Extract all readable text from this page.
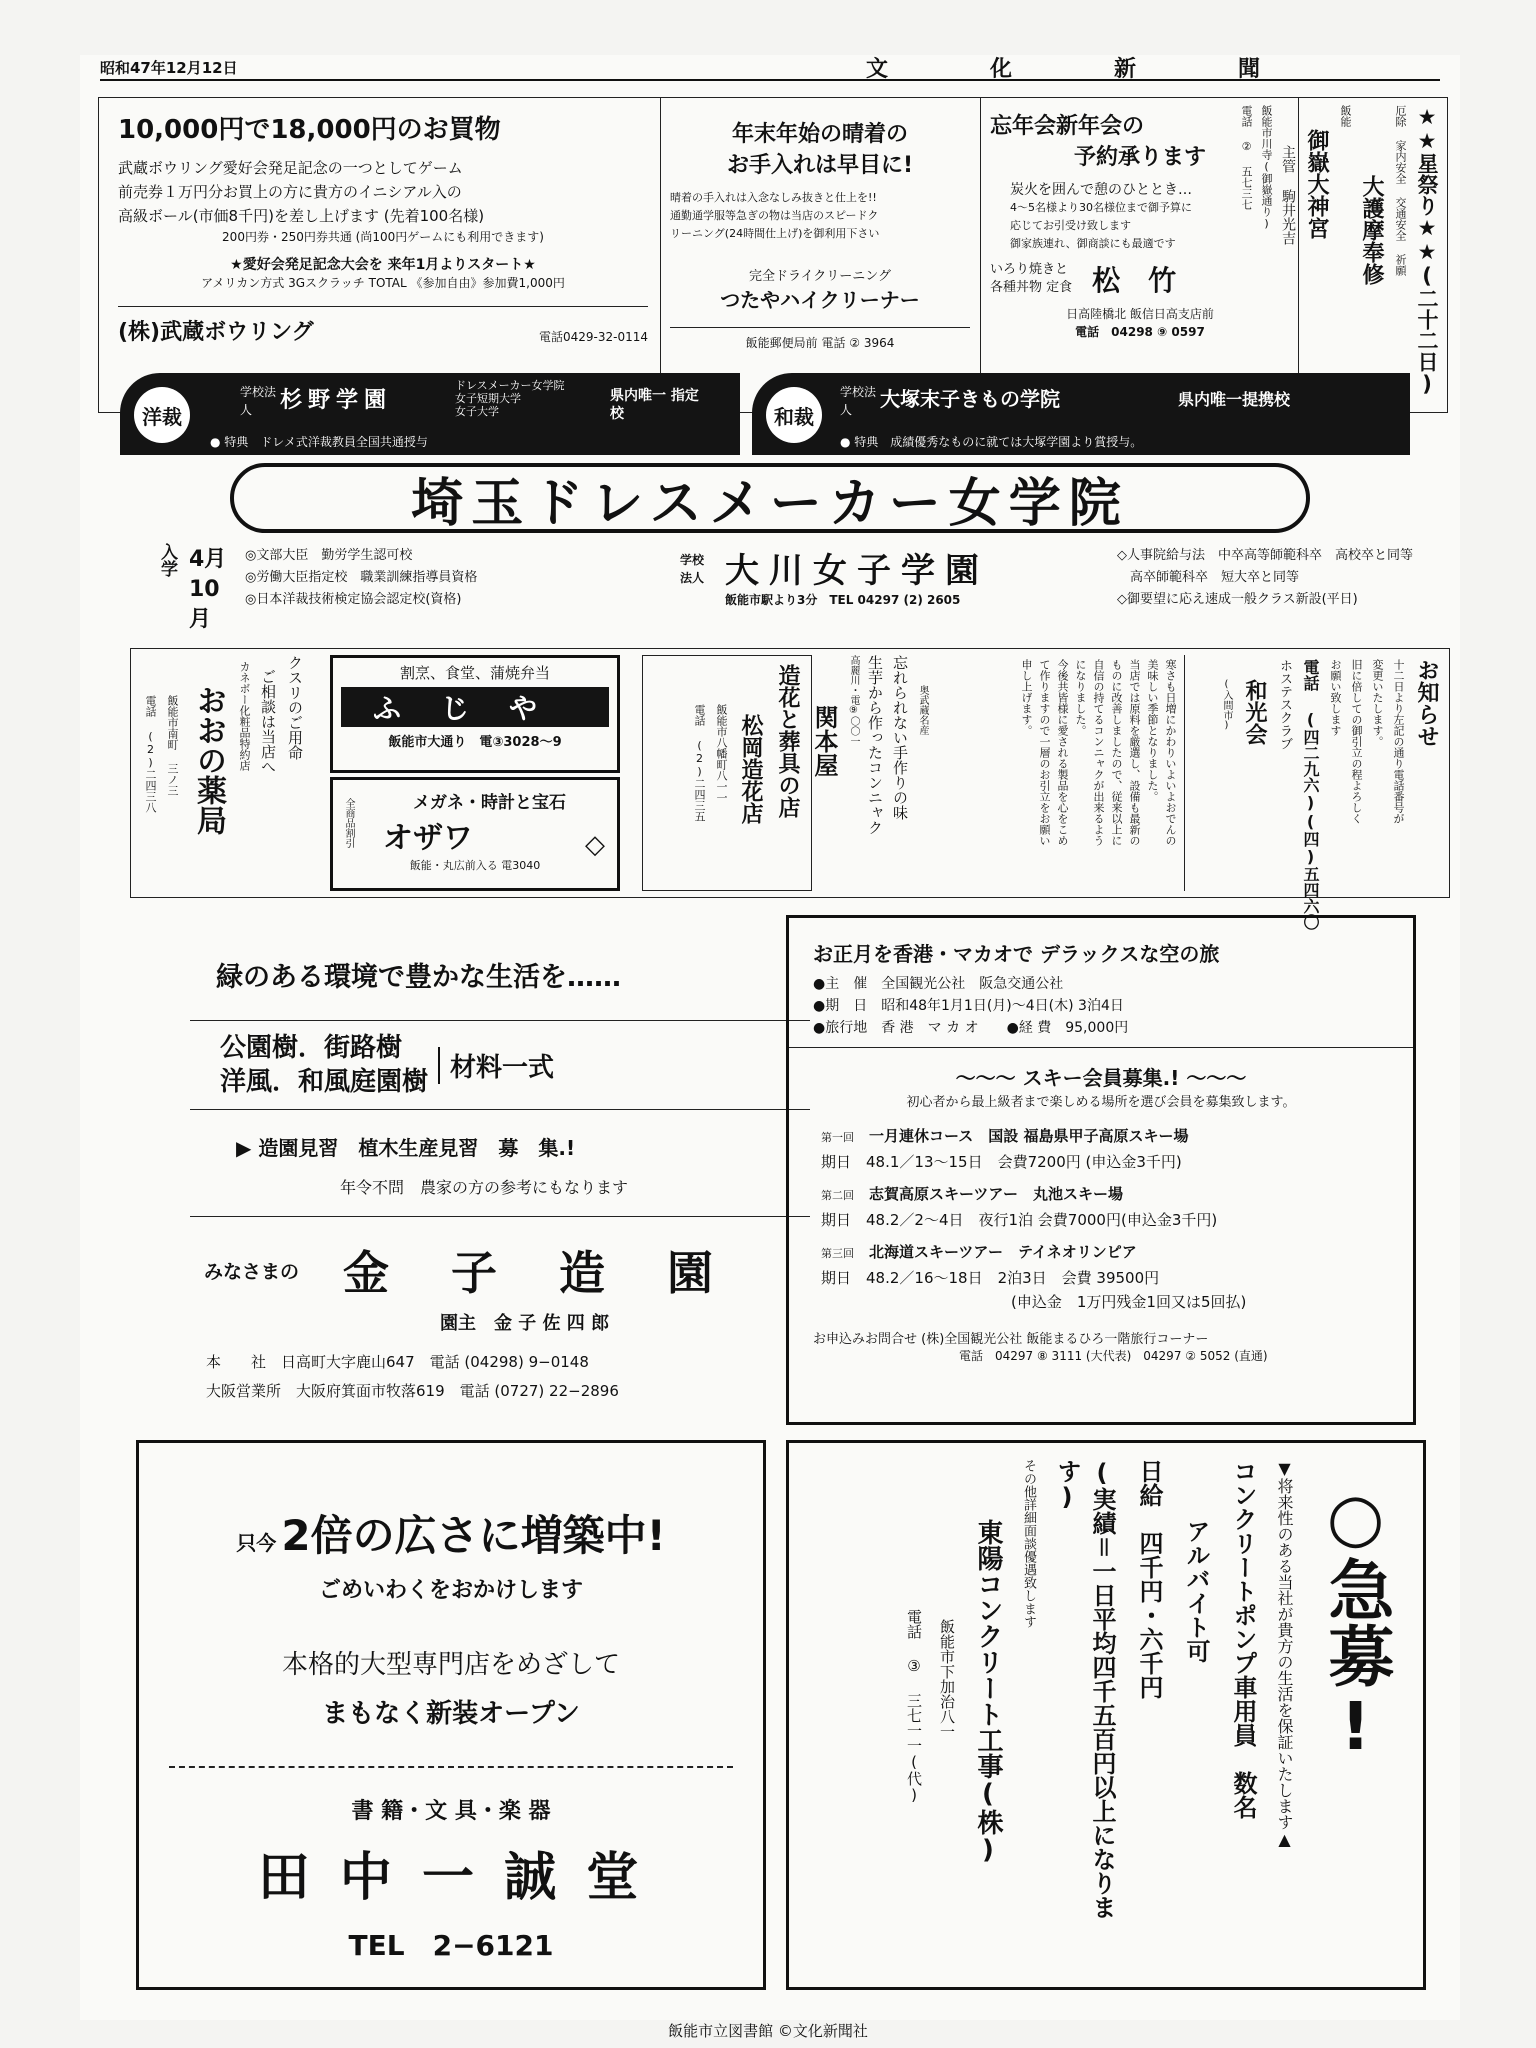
昭和47年12月12日	文　化　新　聞
10,000円で18,000円のお買物
武蔵ボウリング愛好会発足記念の一つとしてゲーム
前売券１万円分お買上の方に貴方のイニシアル入の
高級ボール(市価8千円)を差し上げます (先着100名様)
200円券・250円券共通 (尚100円ゲームにも利用できます)
★愛好会発足記念大会を 来年1月よりスタート★
アメリカン方式 3Gスクラッチ TOTAL 《参加自由》参加費1,000円
(株)武蔵ボウリング	電話0429-32-0114
年末年始の晴着の
お手入れは早目に!
晴着の手入れは入念なしみ抜きと仕上を!!
通勤通学服等急ぎの物は当店のスピードク
リーニング(24時間仕上げ)を御利用下さい
完全ドライクリーニング
つたやハイクリーナー
飯能郵便局前 電話 ② 3964
忘年会新年会の
予約承ります
炭火を囲んで憩のひととき…
4〜5名様より30名様位まで御予算に
応じてお引受け致します
御家族連れ、御商談にも最適です
いろり焼きと
各種丼物 定食 松　竹
日高陸橋北 飯信日高支店前
電話　04298 ⑨ 0597	★★星祭り★★(二十二日)
厄除 家内安全 交通安全 祈願
大護摩奉修
飯能
御嶽大神宮
主管 駒井光吉
飯能市川寺(御嶽通り)
電話 ② 五七三七
洋裁
学校法人	杉野学園
ドレスメーカー女学院
女子短期大学
女子大学
県内唯一 指定校
● 特典　ドレメ式洋裁教員全国共通授与
和裁
学校法人	大塚末子きもの学院	県内唯一提携校
● 特典　成績優秀なものに就ては大塚学園より賞授与。
埼玉ドレスメーカー女学院
入学 4月 10月
◎文部大臣　勤労学生認可校
◎労働大臣指定校　職業訓練指導員資格
◎日本洋裁技術検定協会認定校(資格)
学校法人 大川女子学園
飯能市駅より3分　TEL 04297 (2) 2605
◇人事院給与法　中卒高等師範科卒　高校卒と同等
　高卒師範科卒　短大卒と同等
◇御要望に応え速成一般クラス新設(平日)
クスリのご用命
ご相談は当店へ
カネボー化粧品特約店
おおの薬局
飯能市南町 三ノ三
電話 (2)二四三八
割烹、食堂、蒲焼弁当
ふじや
飯能市大通り　電③3028〜9
メガネ・時計と宝石
オザワ
全商品割引	◇
飯能・丸広前入る 電3040
造花と葬具の店
松岡造花店
飯能市八幡町八一一
電話 (2)二四三五	奥武蔵名産
忘れられない手作りの味
生芋から作ったコンニャク
高麗川・電⑨〇〇一
関本屋	寒さも日増にかわりいよいよおでんの
美味しい季節となりました。
当店では原料を厳選し、設備も最新の
ものに改善しましたので、従来以上に
自信の持てるコンニャクが出来るよう
になりました。
今後共皆様に愛される製品を心をこめ
て作りますので一層のお引立をお願い
申し上げます。	お知らせ
十二日より左記の通り電話番号が
変更いたします。
旧に倍しての御引立の程よろしく
お願い致します
電話 (四二九六)(四)五四六〇
ホステスクラブ
和光会
(入間市)
緑のある環境で豊かな生活を……
公園樹．街路樹
洋風．和風庭園樹 材料一式
▶ 造園見習　植木生産見習　募　集.!
年令不問　農家の方の参考にもなります
みなさまの 金　子　造　園
園主　金 子 佐 四 郎
本　　社　日高町大字鹿山647　電話 (04298) 9−0148
大阪営業所　大阪府箕面市牧落619　電話 (0727) 22−2896
お正月を香港・マカオで デラックスな空の旅
●主　催　全国観光公社　阪急交通公社
●期　日　昭和48年1月1日(月)〜4日(木) 3泊4日
●旅行地　香 港　マ カ オ　　 ●経 費　95,000円
〜〜〜 スキー会員募集.! 〜〜〜
初心者から最上級者まで楽しめる場所を選び会員を募集致します。
第一回　 一月連休コース　国設 福島県甲子高原スキー場
期日　48.1／13〜15日　会費7200円 (申込金3千円)
第二回　 志賀高原スキーツアー　丸池スキー場
期日　48.2／2〜4日　夜行1泊 会費7000円(申込金3千円)
第三回　 北海道スキーツアー　テイネオリンピア
期日　48.2／16〜18日　2泊3日　会費 39500円
(申込金　1万円残金1回又は5回払)
お申込みお問合せ (株)全国観光公社 飯能まるひろ一階旅行コーナー
電話　04297 ⑧ 3111 (大代表)　04297 ② 5052 (直通)
只今 2倍の広さに増築中!
ごめいわくをおかけします
本格的大型専門店をめざして
まもなく新装オープン
書 籍・文 具・楽 器
田 中 一 誠 堂
TEL　2−6121
○急募!
▼将来性のある当社が貴方の生活を保証いたします▲
コンクリートポンプ車用員　数名
アルバイト可
日給　四千円・六千円
(実績＝一日平均四千五百円以上になります)
その他詳細面談優遇致します
東陽コンクリート工事(株)
飯能市下加治八一
電話 ③ 三七一一(代)
飯能市立図書館 ©文化新聞社
